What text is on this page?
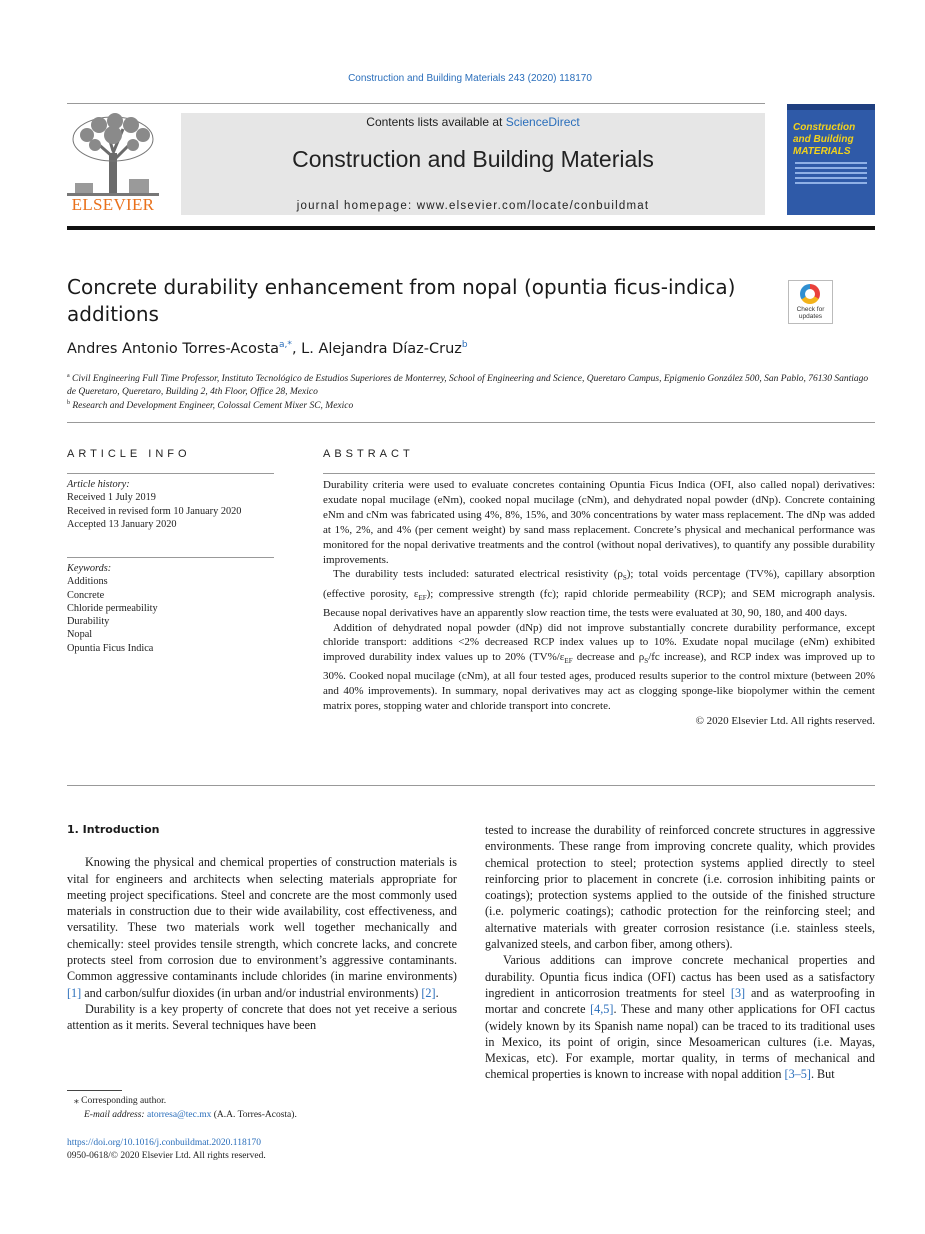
Construction and Building Materials 243 (2020) 118170
ELSEVIER
Contents lists available at ScienceDirect
Construction and Building Materials
journal homepage: www.elsevier.com/locate/conbuildmat
Construction
and Building
MATERIALS
Concrete durability enhancement from nopal (opuntia ficus-indica) additions	Check for
updates
Andres Antonio Torres-Acosta$^{a,*}$, L. Alejandra Díaz-Cruz$^b$
$^a$ Civil Engineering Full Time Professor, Instituto Tecnológico de Estudios Superiores de Monterrey, School of Engineering and Science, Queretaro Campus, Epigmenio González 500, San Pablo, 76130 Santiago de Queretaro, Queretaro, Building 2, 4th Floor, Office 28, Mexico
$^b$ Research and Development Engineer, Colossal Cement Mixer SC, Mexico
ARTICLE INFO
Article history:
Received 1 July 2019
Received in revised form 10 January 2020
Accepted 13 January 2020
Keywords:
Additions
Concrete
Chloride permeability
Durability
Nopal
Opuntia Ficus Indica
ABSTRACT

Durability criteria were used to evaluate concretes containing Opuntia Ficus Indica (OFI, also called nopal) derivatives: exudate nopal mucilage (eNm), cooked nopal mucilage (cNm), and dehydrated nopal powder (dNp). Concrete containing eNm and cNm was fabricated using 4%, 8%, 15%, and 30% concentrations by water mass replacement. The dNp was added at 1%, 2%, and 4% (per cement weight) by sand mass replacement. Concrete’s physical and mechanical performance was monitored for the nopal derivative treatments and the control (without nopal derivatives), to quantify any possible durability improvements.

The durability tests included: saturated electrical resistivity $(\rho_S)$; total voids percentage (TV%), capillary absorption (effective porosity, $\varepsilon_{EF}$); compressive strength (fc); rapid chloride permeability (RCP); and SEM micrograph analysis. Because nopal derivatives have an apparently slow reaction time, the tests were evaluated at 30, 90, 180, and 400 days.

Addition of dehydrated nopal powder (dNp) did not improve substantially concrete durability performance, except chloride transport: additions <2% decreased RCP index values up to 10%. Exudate nopal mucilage (eNm) exhibited improved durability index values up to 20% ($TV\%/\varepsilon_{EF}$ decrease and $\rho_S/fc$ increase), and RCP index was improved up to 30%. Cooked nopal mucilage (cNm), at all four tested ages, produced results superior to the control mixture (between 20% and 40% improvements). In summary, nopal derivatives may act as clogging sponge-like biopolymer within the cement matrix pores, stopping water and chloride transport into concrete.

© 2020 Elsevier Ltd. All rights reserved.

1. Introduction

Knowing the physical and chemical properties of construction materials is vital for engineers and architects when selecting materials appropriate for meeting project specifications. Steel and concrete are the most commonly used materials in construction due to their wide availability, cost effectiveness, and versatility. These two materials work well together mechanically and chemically: steel provides tensile strength, which concrete lacks, and concrete protects steel from corrosion due to environment’s aggressive contaminants. Common aggressive contaminants include chlorides (in marine environments) [1] and carbon/sulfur dioxides (in urban and/or industrial environments) [2].

Durability is a key property of concrete that does not yet receive a serious attention as it merits. Several techniques have been

tested to increase the durability of reinforced concrete structures in aggressive environments. These range from improving concrete quality, which provides chemical protection to steel; protection systems applied directly to steel reinforcing prior to placement in concrete (i.e. corrosion inhibiting paints or coatings); protection systems applied to the outside of the finished structure (i.e. polymeric coatings); cathodic protection for the reinforcing steel; and alternative materials with greater corrosion resistance (i.e. stainless steels, galvanized steels, and carbon fiber, among others).

Various additions can improve concrete mechanical properties and durability. Opuntia ficus indica (OFI) cactus has been used as a satisfactory ingredient in anticorrosion treatments for steel [3] and as waterproofing in mortar and concrete [4,5]. These and many other applications for OFI cactus (widely known by its Spanish name nopal) can be traced to its traditional uses in Mexico, its point of origin, since Mesoamerican cultures (i.e. Mayas, Mexicas, etc). For example, mortar quality, in terms of mechanical and chemical properties is known to increase with nopal addition [3–5]. But

⁎ Corresponding author.
E-mail address: atorresa@tec.mx (A.A. Torres-Acosta).
https://doi.org/10.1016/j.conbuildmat.2020.118170
0950-0618/© 2020 Elsevier Ltd. All rights reserved.
